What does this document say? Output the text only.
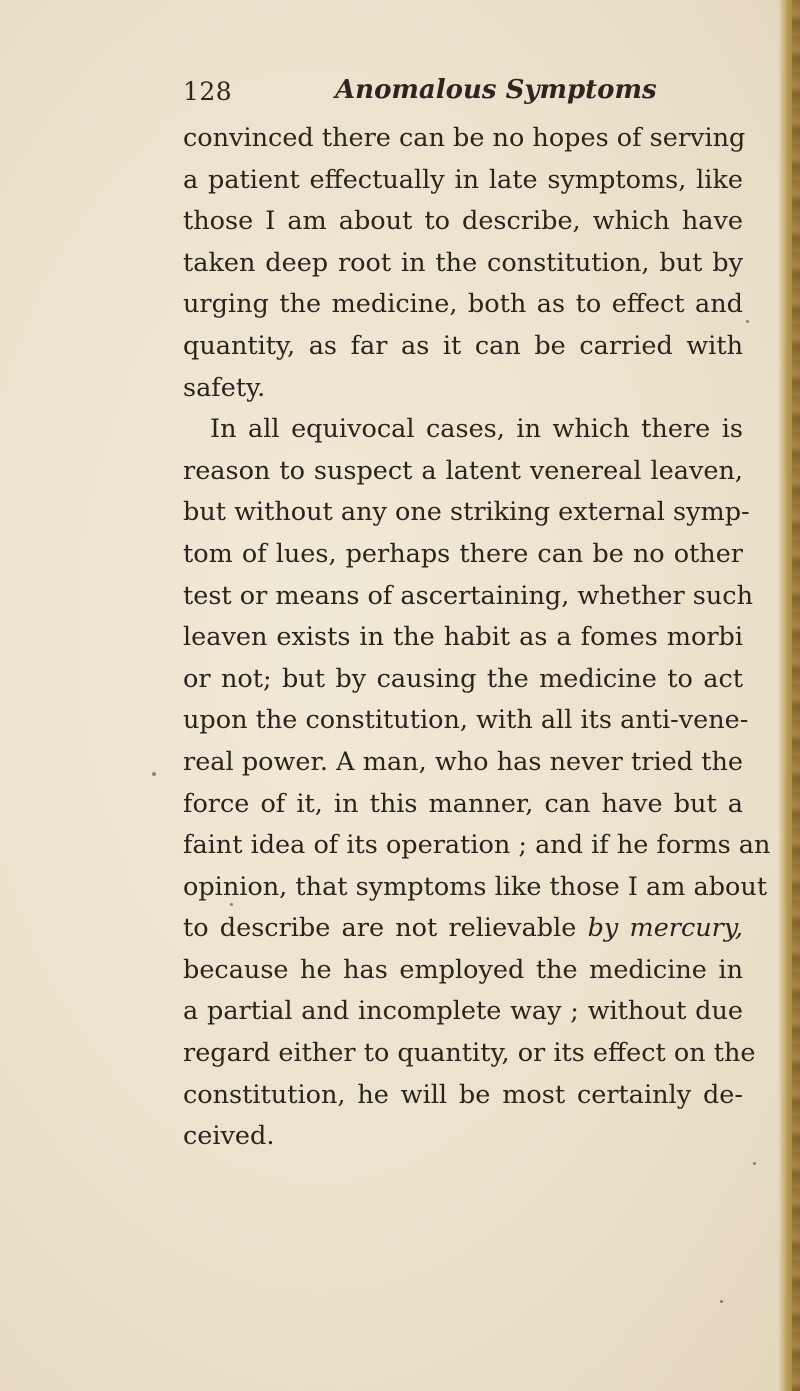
128	Anomalous Symptoms
convinced there can be no hopes of serving
a patient effectually in late symptoms, like
those I am about to describe, which have
taken deep root in the constitution, but by
urging the medicine, both as to effect and
quantity, as far as it can be carried with
safety.
In all equivocal cases, in which there is
reason to suspect a latent venereal leaven,
but without any one striking external symp-
tom of lues, perhaps there can be no other
test or means of ascertaining, whether such
leaven exists in the habit as a fomes morbi
or not; but by causing the medicine to act
upon the constitution, with all its anti-vene-
real power. A man, who has never tried the
force of it, in this manner, can have but a
faint idea of its operation ; and if he forms an
opinion, that symptoms like those I am about
to describe are not relievable by mercury,
because he has employed the medicine in
a partial and incomplete way ; without due
regard either to quantity, or its effect on the
constitution, he will be most certainly de-
ceived.
